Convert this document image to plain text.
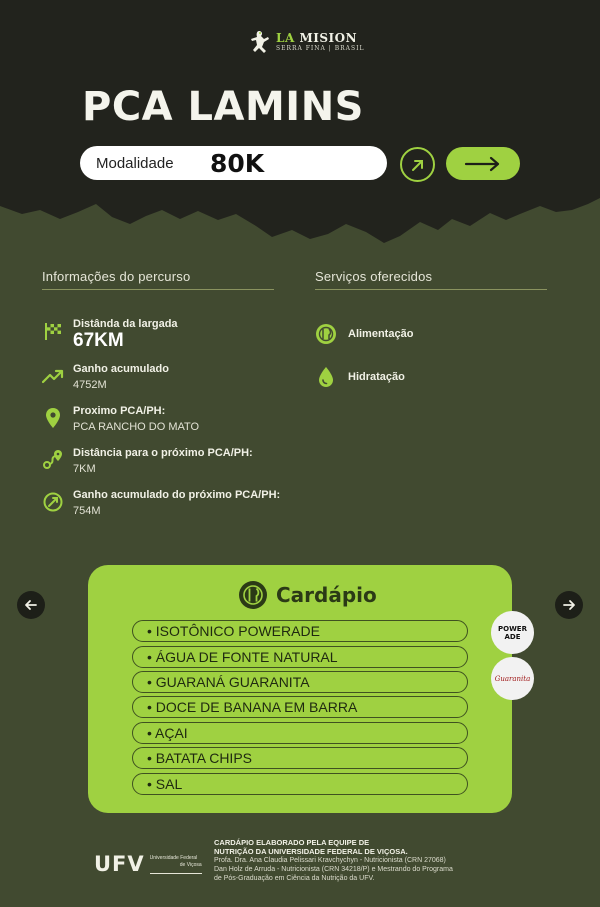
LA MISION
SERRA FINA | BRASIL
PCA LAMINS
Modalidade	80K
Informações do percurso	Serviços oferecidos
Distânda da largada
67KM
Ganho acumulado
4752M
Proximo PCA/PH:
PCA RANCHO DO MATO
Distância para o próximo PCA/PH:
7KM
Ganho acumulado do próximo PCA/PH:
754M
Alimentação
Hidratação
Cardápio
• ISOTÔNICO POWERADE
• ÁGUA DE FONTE NATURAL
• GUARANÁ GUARANITA
• DOCE DE BANANA EM BARRA
• AÇAI
• BATATA CHIPS
• SAL
POWER
ADE
Guaranita
UFV Universidade Federal
de Viçosa
CARDÁPIO ELABORADO PELA EQUIPE DE
NUTRIÇÃO DA UNIVERSIDADE FEDERAL DE VIÇOSA.
Profa. Dra. Ana Claudia Pelissari Kravchychyn - Nutricionista (CRN 27068)
Dan Holz de Arruda - Nutricionista (CRN 34218/P) e Mestrando do Programa
de Pós-Graduação em Ciência da Nutrição da UFV.
